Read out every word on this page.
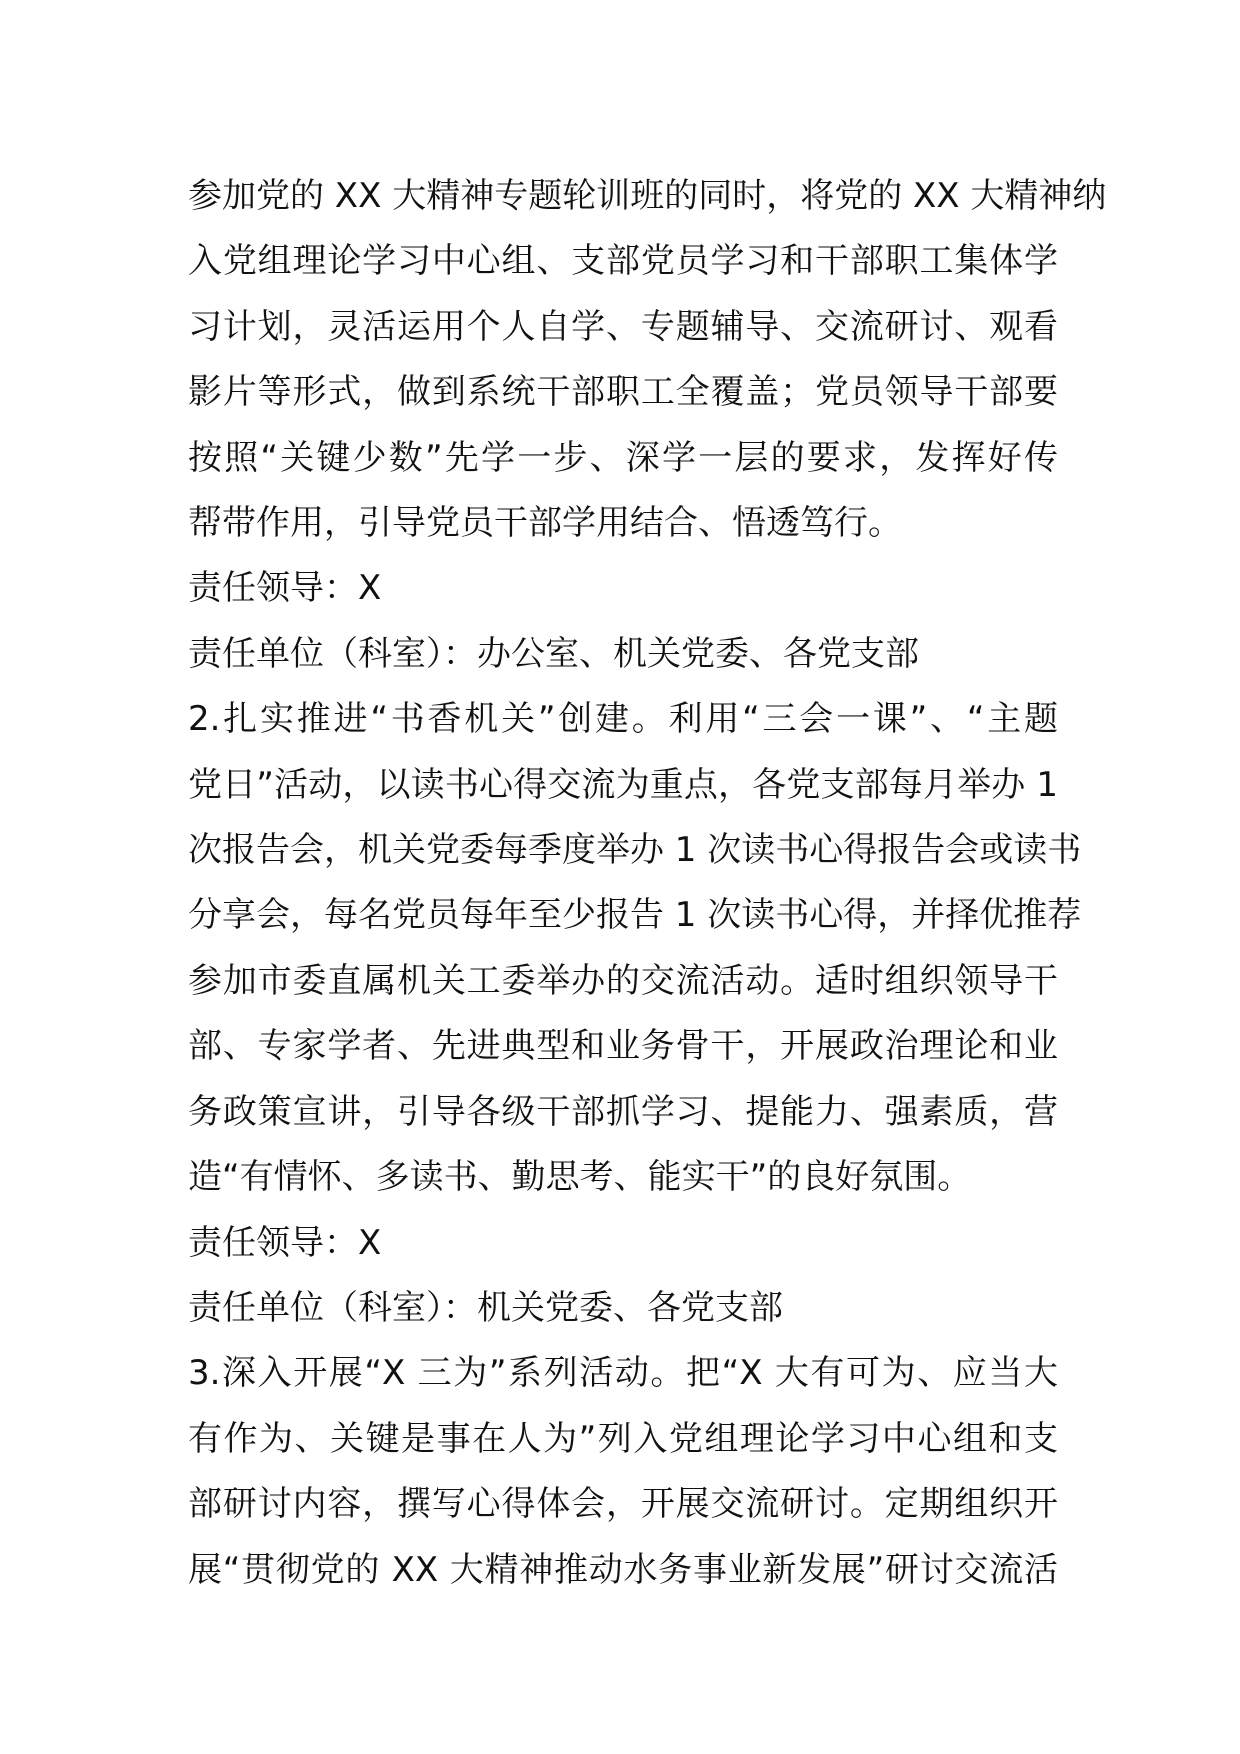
参加党的 XX 大精神专题轮训班的同时，将党的 XX 大精神纳
入党组理论学习中心组、支部党员学习和干部职工集体学
习计划，灵活运用个人自学、专题辅导、交流研讨、观看
影片等形式，做到系统干部职工全覆盖；党员领导干部要
按照“关键少数”先学一步、深学一层的要求，发挥好传
帮带作用，引导党员干部学用结合、悟透笃行。

责任领导：X

责任单位（科室）：办公室、机关党委、各党支部

2.扎实推进“书香机关”创建。利用“三会一课”、“主题
党日”活动，以读书心得交流为重点，各党支部每月举办 1
次报告会，机关党委每季度举办 1 次读书心得报告会或读书
分享会，每名党员每年至少报告 1 次读书心得，并择优推荐
参加市委直属机关工委举办的交流活动。适时组织领导干
部、专家学者、先进典型和业务骨干，开展政治理论和业
务政策宣讲，引导各级干部抓学习、提能力、强素质，营
造“有情怀、多读书、勤思考、能实干”的良好氛围。

责任领导：X

责任单位（科室）：机关党委、各党支部

3.深入开展“X 三为”系列活动。把“X 大有可为、应当大
有作为、关键是事在人为”列入党组理论学习中心组和支
部研讨内容，撰写心得体会，开展交流研讨。定期组织开
展“贯彻党的 XX 大精神推动水务事业新发展”研讨交流活
